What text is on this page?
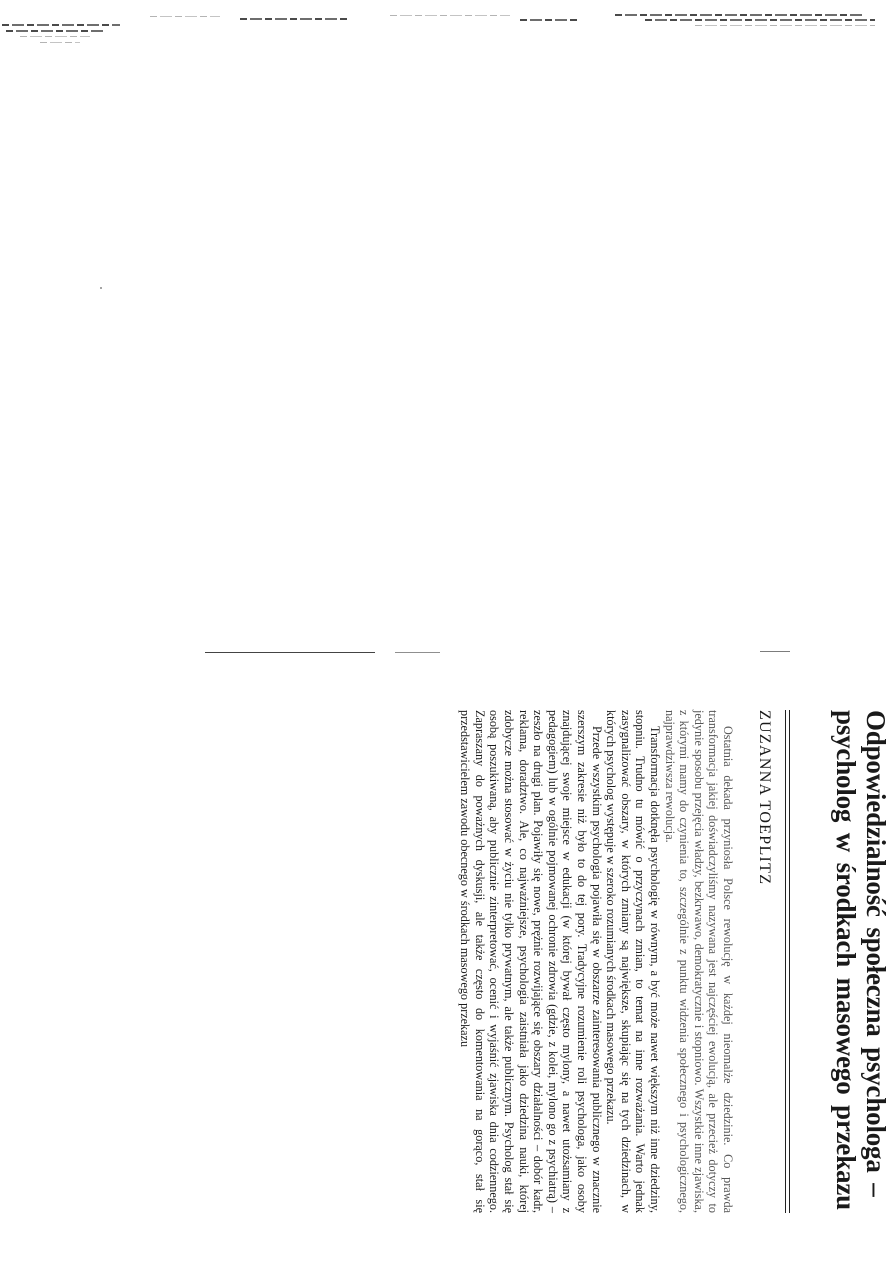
Odpowiedzialność społeczna psychologa – psycholog w środkach masowego przekazu
ZUZANNA TOEPLITZ

Ostatnia dekada przyniosła Polsce rewolucję w każdej nieomalże dziedzinie. Co prawda transformacja jakiej doświadczyliśmy nazywana jest najczęściej ewolucją, ale przecież dotyczy to jedynie sposobu przejęcia władzy, bezkrwawo, demokratycznie i stopniowo. Wszystkie inne zjawiska, z którymi mamy do czynienia to, szczególnie z punktu widzenia społecznego i psychologicznego, najprawdziwsza rewolucja.

Transformacja dotknęła psychologię w równym, a być może nawet większym niż inne dziedziny, stopniu. Trudno tu mówić o przyczynach zmian, to temat na inne rozważania. Warto jednak zasygnalizować obszary, w których zmiany są największe, skupiając się na tych dziedzinach, w których psycholog występuje w szeroko rozumianych środkach masowego przekazu.

Przede wszystkim psychologia pojawiła się w obszarze zainteresowania publicznego w znacznie szerszym zakresie niż było to do tej pory. Tradycyjne rozumienie roli psychologa, jako osoby znajdującej swoje miejsce w edukacji (w której bywał często mylony, a nawet utożsamiany z pedagogiem) lub w ogólnie pojmowanej ochronie zdrowia (gdzie, z kolei, mylono go z psychiatrą) – zeszło na drugi plan. Pojawiły się nowe, prężnie rozwijające się obszary działalności – dobór kadr, reklama, doradztwo. Ale, co najważniejsze, psychologia zaistniała jako dziedzina nauki, której zdobycze można stosować w życiu nie tylko prywatnym, ale także publicznym. Psycholog stał się osobą poszukiwaną, aby publicznie zinterpretować, ocenić i wyjaśnić zjawiska dnia codziennego. Zapraszany do poważnych dyskusji, ale także często do komentowania na gorąco, stał się przedstawicielem zawodu obecnego w środkach masowego przekazu
